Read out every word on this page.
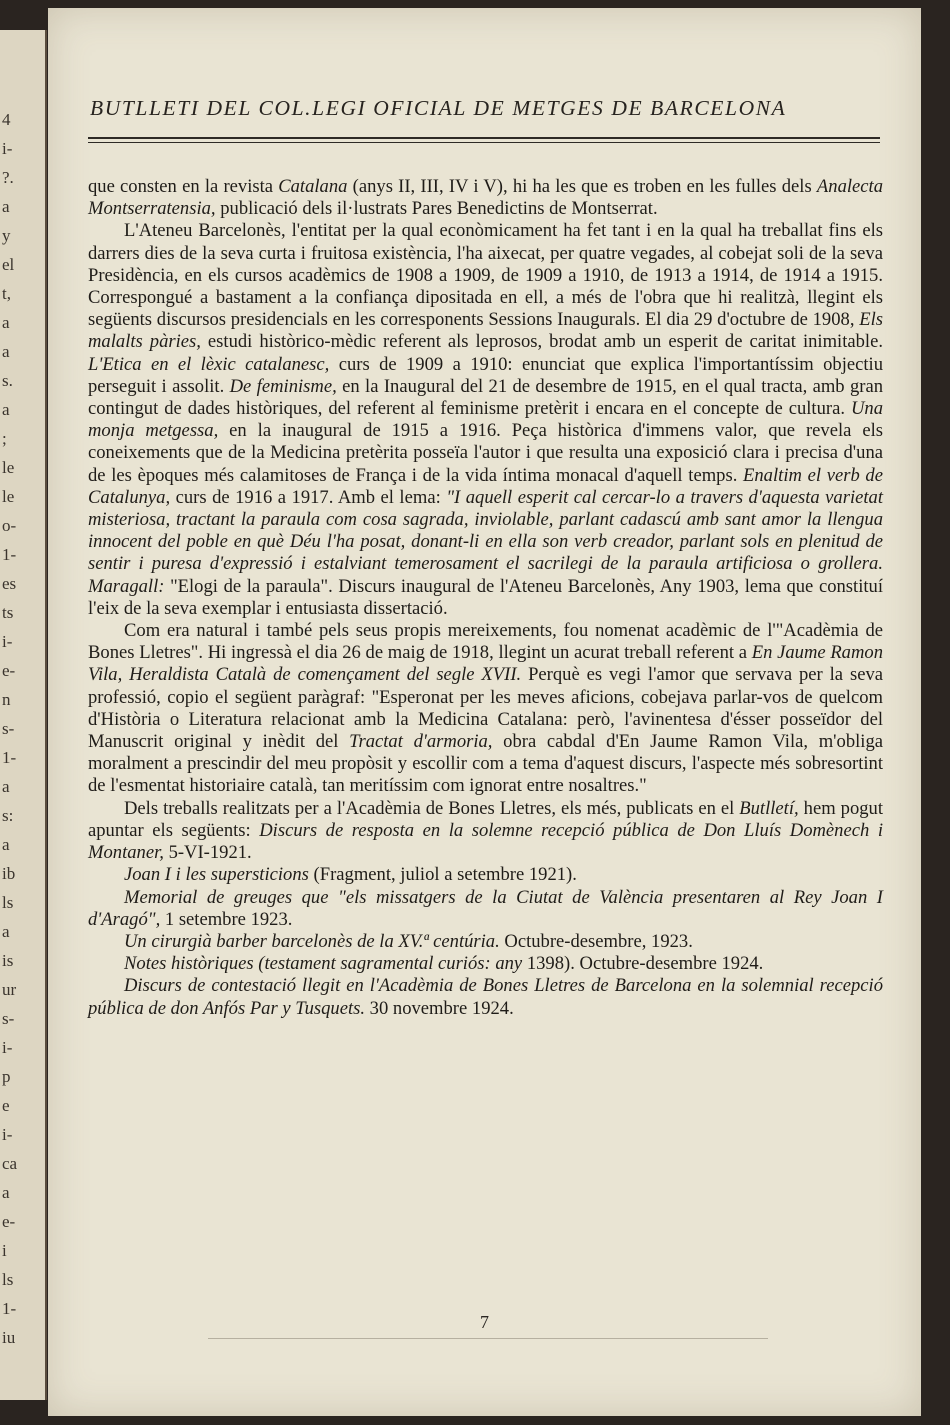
4
i-
?.
a
y
el
t,
a
a
s.
a
;
le
le
o-
1-
es
ts
i-
e-
n
s-
1-
a
s:
a
ib
ls
a
is
ur
s-
i-
p
e
i-
ca
a
e-
i
ls
1-
iu
BUTLLETI DEL COL.LEGI OFICIAL DE METGES DE BARCELONA

que consten en la revista Catalana (anys II, III, IV i V), hi ha les que es troben en les fulles dels Analecta Montserratensia, publicació dels il·lustrats Pares Benedictins de Montserrat.

L'Ateneu Barcelonès, l'entitat per la qual econòmicament ha fet tant i en la qual ha treballat fins els darrers dies de la seva curta i fruitosa existència, l'ha aixecat, per quatre vegades, al cobejat soli de la seva Presidència, en els cursos acadèmics de 1908 a 1909, de 1909 a 1910, de 1913 a 1914, de 1914 a 1915. Correspongué a bastament a la confiança dipositada en ell, a més de l'obra que hi realitzà, llegint els següents discursos presidencials en les corresponents Sessions Inaugurals. El dia 29 d'octubre de 1908, Els malalts pàries, estudi històrico-mèdic referent als leprosos, brodat amb un esperit de caritat inimitable. L'Etica en el lèxic catalanesc, curs de 1909 a 1910: enunciat que explica l'importantíssim objectiu perseguit i assolit. De feminisme, en la Inaugural del 21 de desembre de 1915, en el qual tracta, amb gran contingut de dades històriques, del referent al feminisme pretèrit i encara en el concepte de cultura. Una monja metgessa, en la inaugural de 1915 a 1916. Peça històrica d'immens valor, que revela els coneixements que de la Medicina pretèrita posseïa l'autor i que resulta una exposició clara i precisa d'una de les èpoques més calamitoses de França i de la vida íntima monacal d'aquell temps. Enaltim el verb de Catalunya, curs de 1916 a 1917. Amb el lema: "I aquell esperit cal cercar-lo a travers d'aquesta varietat misteriosa, tractant la paraula com cosa sagrada, inviolable, parlant cadascú amb sant amor la llengua innocent del poble en què Déu l'ha posat, donant-li en ella son verb creador, parlant sols en plenitud de sentir i puresa d'expressió i estalviant temerosament el sacrilegi de la paraula artificiosa o grollera. Maragall: "Elogi de la paraula". Discurs inaugural de l'Ateneu Barcelonès, Any 1903, lema que constituí l'eix de la seva exemplar i entusiasta dissertació.

Com era natural i també pels seus propis mereixements, fou nomenat acadèmic de l'"Acadèmia de Bones Lletres". Hi ingressà el dia 26 de maig de 1918, llegint un acurat treball referent a En Jaume Ramon Vila, Heraldista Català de començament del segle XVII. Perquè es vegi l'amor que servava per la seva professió, copio el següent paràgraf: "Esperonat per les meves aficions, cobejava parlar-vos de quelcom d'Història o Literatura relacionat amb la Medicina Catalana: però, l'avinentesa d'ésser posseïdor del Manuscrit original y inèdit del Tractat d'armoria, obra cabdal d'En Jaume Ramon Vila, m'obliga moralment a prescindir del meu propòsit y escollir com a tema d'aquest discurs, l'aspecte més sobresortint de l'esmentat historiaire català, tan meritíssim com ignorat entre nosaltres."

Dels treballs realitzats per a l'Acadèmia de Bones Lletres, els més, publicats en el Butlletí, hem pogut apuntar els següents: Discurs de resposta en la solemne recepció pública de Don Lluís Domènech i Montaner, 5-VI-1921.

Joan I i les supersticions (Fragment, juliol a setembre 1921).

Memorial de greuges que "els missatgers de la Ciutat de València presentaren al Rey Joan I d'Aragó", 1 setembre 1923.

Un cirurgià barber barcelonès de la XV.ª centúria. Octubre-desembre, 1923.

Notes històriques (testament sagramental curiós: any 1398). Octubre-desembre 1924.

Discurs de contestació llegit en l'Acadèmia de Bones Lletres de Barcelona en la solemnial recepció pública de don Anfós Par y Tusquets. 30 novembre 1924.

7
